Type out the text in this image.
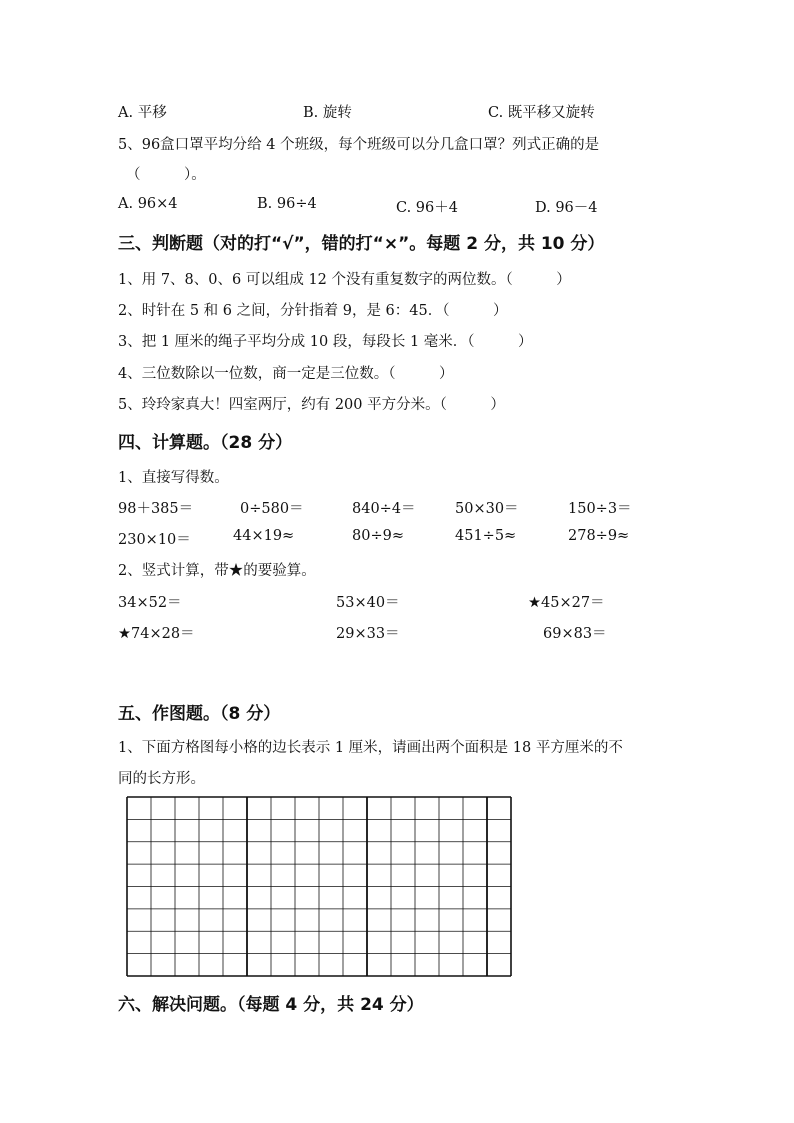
A. 平移	B. 旋转	C. 既平移又旋转
5、96盒口罩平均分给 4 个班级，每个班级可以分几盒口罩？列式正确的是
（　　　）。
A. 96×4	B. 96÷4	C. 96＋4	D. 96－4
三、判断题（对的打“√”，错的打“×”。每题 2 分，共 10 分）
1、用 7、8、0、6 可以组成 12 个没有重复数字的两位数。（　　　）
2、时针在 5 和 6 之间，分针指着 9，是 6：45．（　　　）
3、把 1 厘米的绳子平均分成 10 段，每段长 1 毫米．（　　　）
4、三位数除以一位数，商一定是三位数。（　　　）
5、玲玲家真大！四室两厅，约有 200 平方分米。（　　　）
四、计算题。（28 分）
1、直接写得数。
98＋385＝	0÷580＝	840÷4＝	50×30＝	150÷3＝
230×10＝	44×19≈	80÷9≈	451÷5≈	278÷9≈
2、竖式计算，带★的要验算。
34×52＝	53×40＝	★45×27＝
★74×28＝	29×33＝	69×83＝
五、作图题。（8 分）
1、下面方格图每小格的边长表示 1 厘米，请画出两个面积是 18 平方厘米的不
同的长方形。
六、解决问题。（每题 4 分，共 24 分）
